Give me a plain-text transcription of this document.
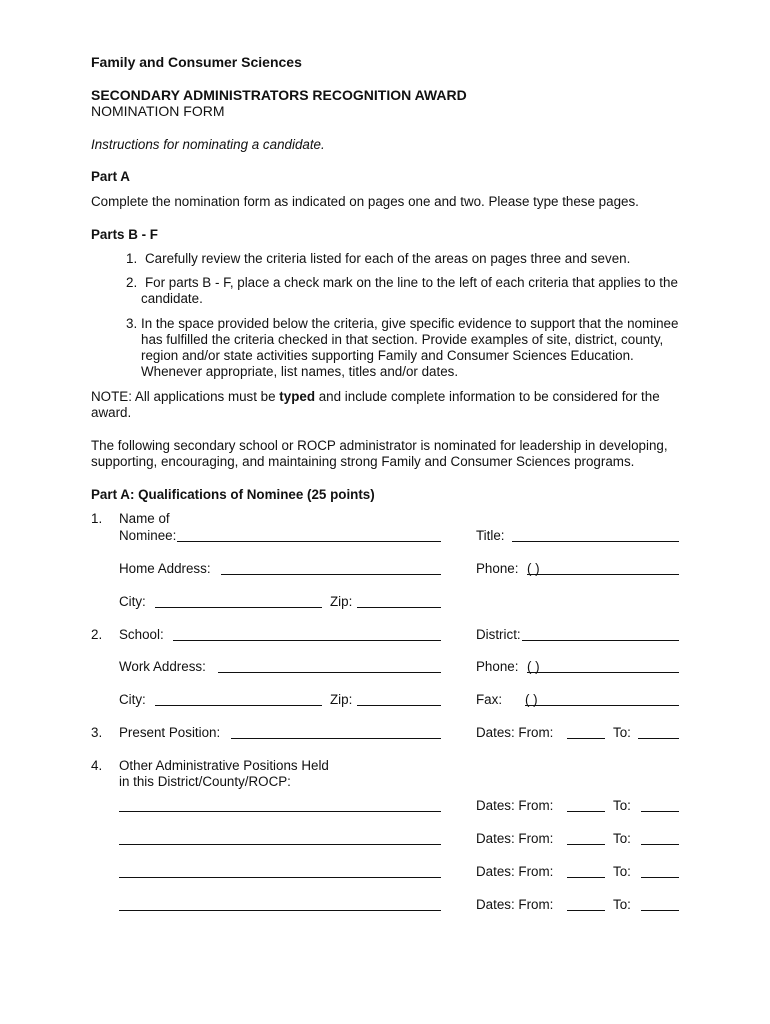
Family and Consumer Sciences
SECONDARY ADMINISTRATORS RECOGNITION AWARD
NOMINATION FORM
Instructions for nominating a candidate.
Part A
Complete the nomination form as indicated on pages one and two. Please type these pages.
Parts B - F
1. Carefully review the criteria listed for each of the areas on pages three and seven.
2. For parts B - F, place a check mark on the line to the left of each criteria that applies to the
candidate.
3. In the space provided below the criteria, give specific evidence to support that the nominee
has fulfilled the criteria checked in that section. Provide examples of site, district, county,
region and/or state activities supporting Family and Consumer Sciences Education.
Whenever appropriate, list names, titles and/or dates.
NOTE: All applications must be typed and include complete information to be considered for the
award.
The following secondary school or ROCP administrator is nominated for leadership in developing,
supporting, encouraging, and maintaining strong Family and Consumer Sciences programs.
Part A: Qualifications of Nominee (25 points)
1. Name of
Nominee:	Title:
Home Address:	Phone: ( )
City:	Zip:
2. School:	District:
Work Address:	Phone: ( )
City:	Zip:	Fax: ( )
3. Present Position:	Dates: From:	To:
4. Other Administrative Positions Held
in this District/County/ROCP:
Dates: From:	To:
Dates: From:	To:
Dates: From:	To:
Dates: From:	To:
